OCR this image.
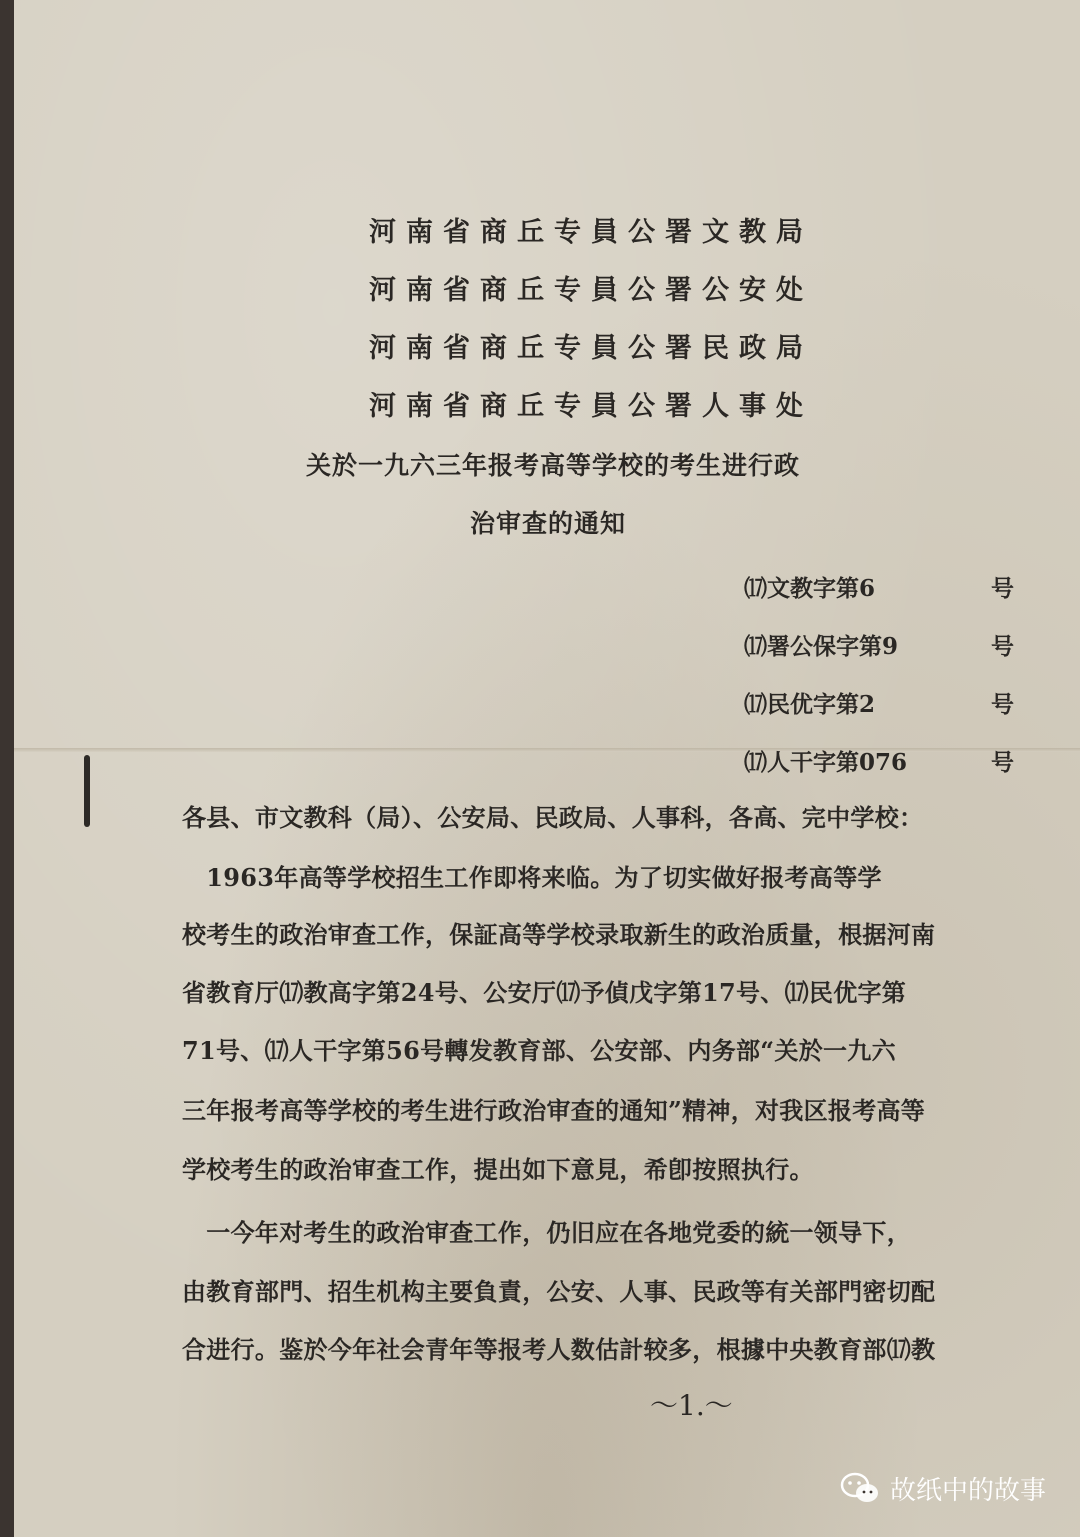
河南省商丘专員公署文教局
河南省商丘专員公署公安处
河南省商丘专員公署民政局
河南省商丘专員公署人事处
关於一九六三年报考高等学校的考生进行政
治审查的通知
⒄文教字第6	号
⒄署公保字第9	号
⒄民优字第2	号
⒄人干字第076	号
各县、市文教科（局）、公安局、民政局、人事科，各高、完中学校：
　1963年高等学校招生工作即将来临。为了切实做好报考高等学
校考生的政治审查工作，保証高等学校录取新生的政治质量，根据河南
省教育厅⒄教高字第24号、公安厅⒄予偵戊字第17号、⒄民优字第
71号、⒄人干字第56号轉发教育部、公安部、内务部“关於一九六
三年报考高等学校的考生进行政治审查的通知”精神，对我区报考高等
学校考生的政治审查工作，提出如下意見，希卽按照执行。
　一今年对考生的政治审查工作，仍旧应在各地党委的統一领导下，
由教育部門、招生机构主要負責，公安、人事、民政等有关部門密切配
合进行。鉴於今年社会青年等报考人数估計较多，根據中央教育部⒄教
～1.～
故纸中的故事
